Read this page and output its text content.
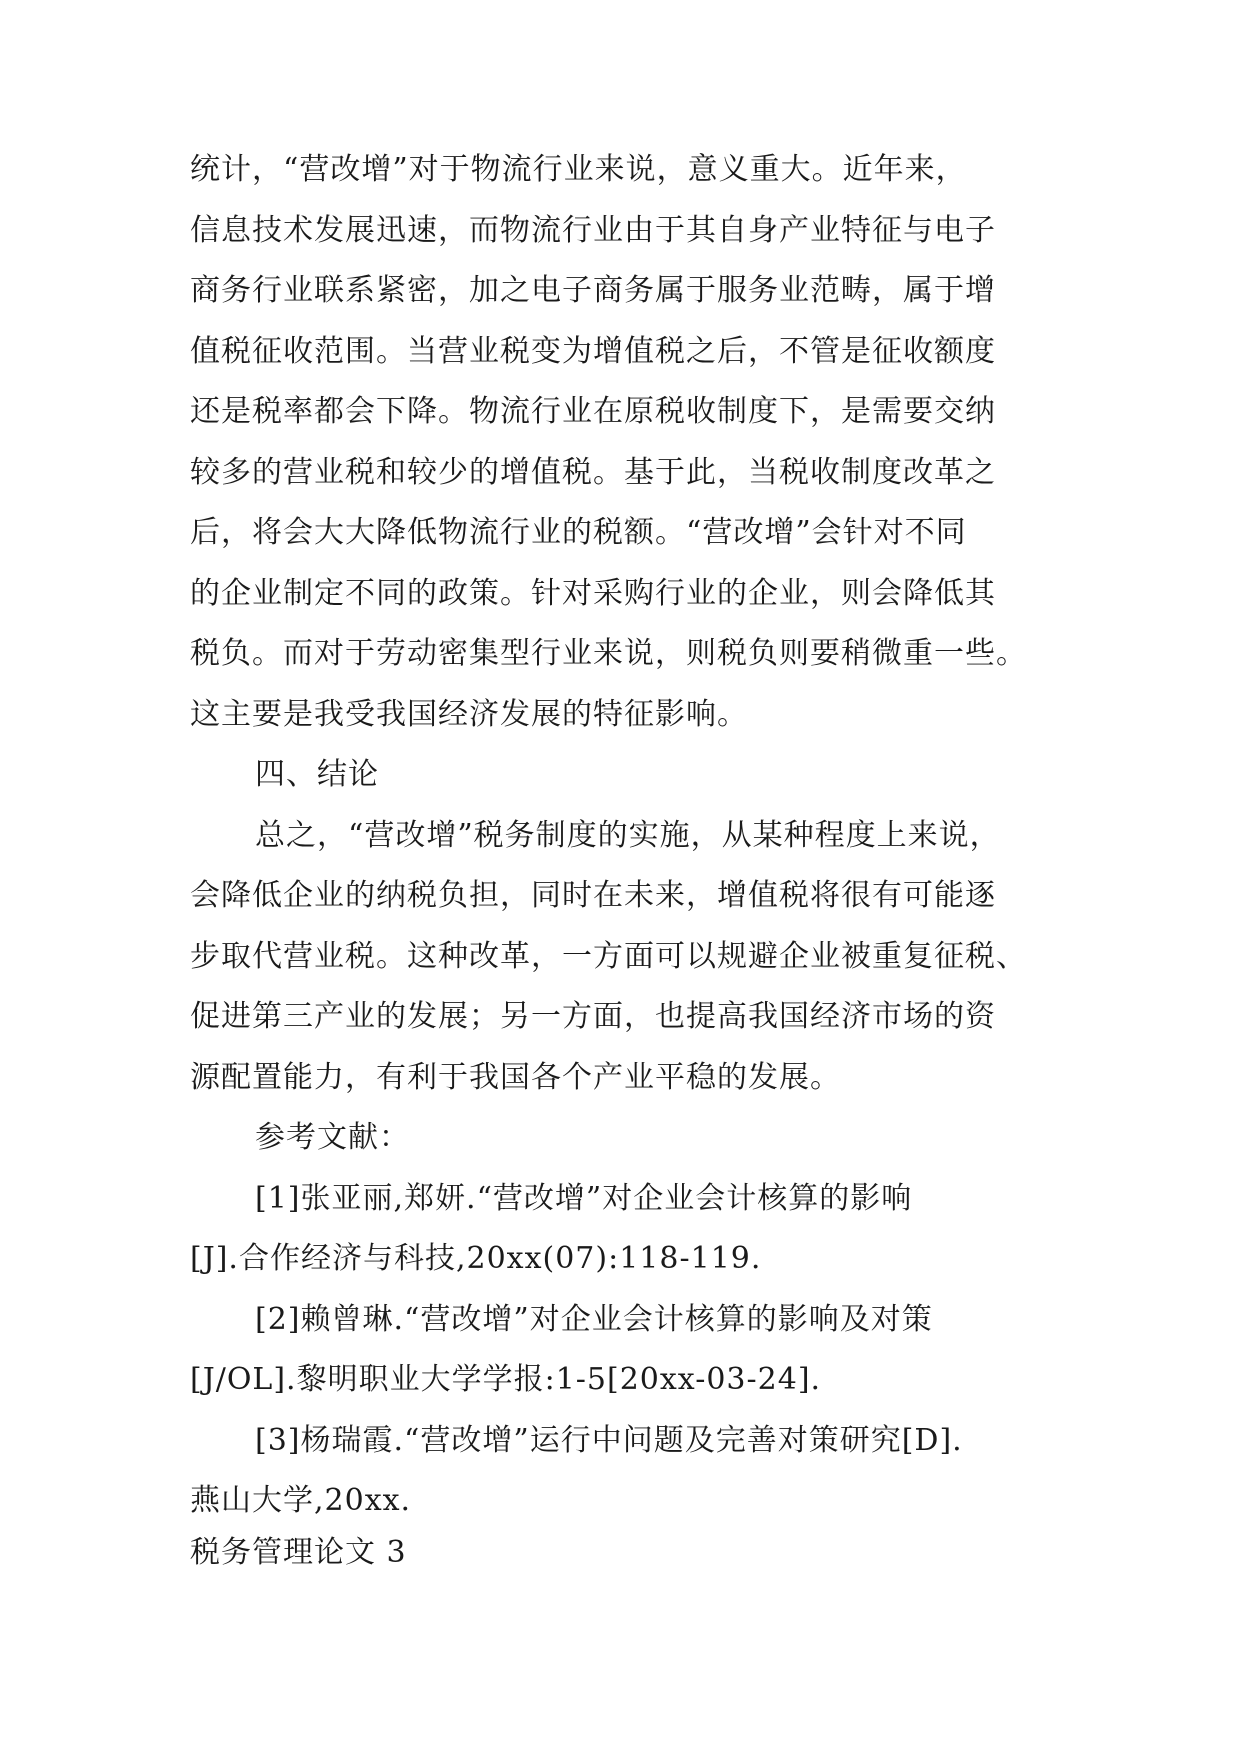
统计，“营改增”对于物流行业来说，意义重大。近年来，
信息技术发展迅速，而物流行业由于其自身产业特征与电子
商务行业联系紧密，加之电子商务属于服务业范畴，属于增
值税征收范围。当营业税变为增值税之后，不管是征收额度
还是税率都会下降。物流行业在原税收制度下，是需要交纳
较多的营业税和较少的增值税。基于此，当税收制度改革之
后，将会大大降低物流行业的税额。“营改增”会针对不同
的企业制定不同的政策。针对采购行业的企业，则会降低其
税负。而对于劳动密集型行业来说，则税负则要稍微重一些。
这主要是我受我国经济发展的特征影响。
四、结论
总之，“营改增”税务制度的实施，从某种程度上来说，
会降低企业的纳税负担，同时在未来，增值税将很有可能逐
步取代营业税。这种改革，一方面可以规避企业被重复征税、
促进第三产业的发展；另一方面，也提高我国经济市场的资
源配置能力，有利于我国各个产业平稳的发展。
参考文献：
[1]张亚丽,郑妍.“营改增”对企业会计核算的影响
[J].合作经济与科技,20xx(07):118-119.
[2]赖曾琳.“营改增”对企业会计核算的影响及对策
[J/OL].黎明职业大学学报:1-5[20xx-03-24].
[3]杨瑞霞.“营改增”运行中问题及完善对策研究[D].
燕山大学,20xx.
税务管理论文 3
